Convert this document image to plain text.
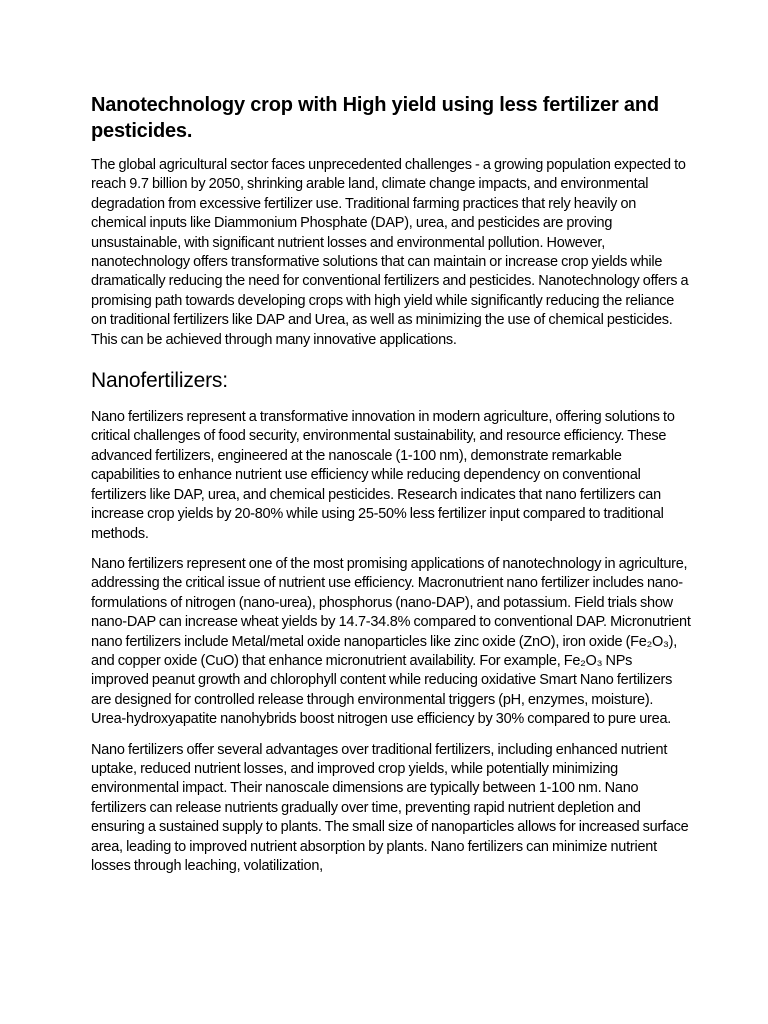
Nanotechnology crop with High yield using less fertilizer and pesticides.

The global agricultural sector faces unprecedented challenges - a growing population expected to reach 9.7 billion by 2050, shrinking arable land, climate change impacts, and environmental degradation from excessive fertilizer use. Traditional farming practices that rely heavily on chemical inputs like Diammonium Phosphate (DAP), urea, and pesticides are proving unsustainable, with significant nutrient losses and environmental pollution. However, nanotechnology offers transformative solutions that can maintain or increase crop yields while dramatically reducing the need for conventional fertilizers and pesticides. Nanotechnology offers a promising path towards developing crops with high yield while significantly reducing the reliance on traditional fertilizers like DAP and Urea, as well as minimizing the use of chemical pesticides. This can be achieved through many innovative applications.

Nanofertilizers:

Nano fertilizers represent a transformative innovation in modern agriculture, offering solutions to critical challenges of food security, environmental sustainability, and resource efficiency. These advanced fertilizers, engineered at the nanoscale (1-100 nm), demonstrate remarkable capabilities to enhance nutrient use efficiency while reducing dependency on conventional fertilizers like DAP, urea, and chemical pesticides. Research indicates that nano fertilizers can increase crop yields by 20-80% while using 25-50% less fertilizer input compared to traditional methods.

Nano fertilizers represent one of the most promising applications of nanotechnology in agriculture, addressing the critical issue of nutrient use efficiency. Macronutrient nano fertilizer includes nano-formulations of nitrogen (nano-urea), phosphorus (nano-DAP), and potassium. Field trials show nano-DAP can increase wheat yields by 14.7-34.8% compared to conventional DAP. Micronutrient nano fertilizers include Metal/metal oxide nanoparticles like zinc oxide (ZnO), iron oxide (Fe₂O₃), and copper oxide (CuO) that enhance micronutrient availability. For example, Fe₂O₃ NPs improved peanut growth and chlorophyll content while reducing oxidative Smart Nano fertilizers are designed for controlled release through environmental triggers (pH, enzymes, moisture). Urea-hydroxyapatite nanohybrids boost nitrogen use efficiency by 30% compared to pure urea.

Nano fertilizers offer several advantages over traditional fertilizers, including enhanced nutrient uptake, reduced nutrient losses, and improved crop yields, while potentially minimizing environmental impact. Their nanoscale dimensions are typically between 1-100 nm. Nano fertilizers can release nutrients gradually over time, preventing rapid nutrient depletion and ensuring a sustained supply to plants. The small size of nanoparticles allows for increased surface area, leading to improved nutrient absorption by plants. Nano fertilizers can minimize nutrient losses through leaching, volatilization,
